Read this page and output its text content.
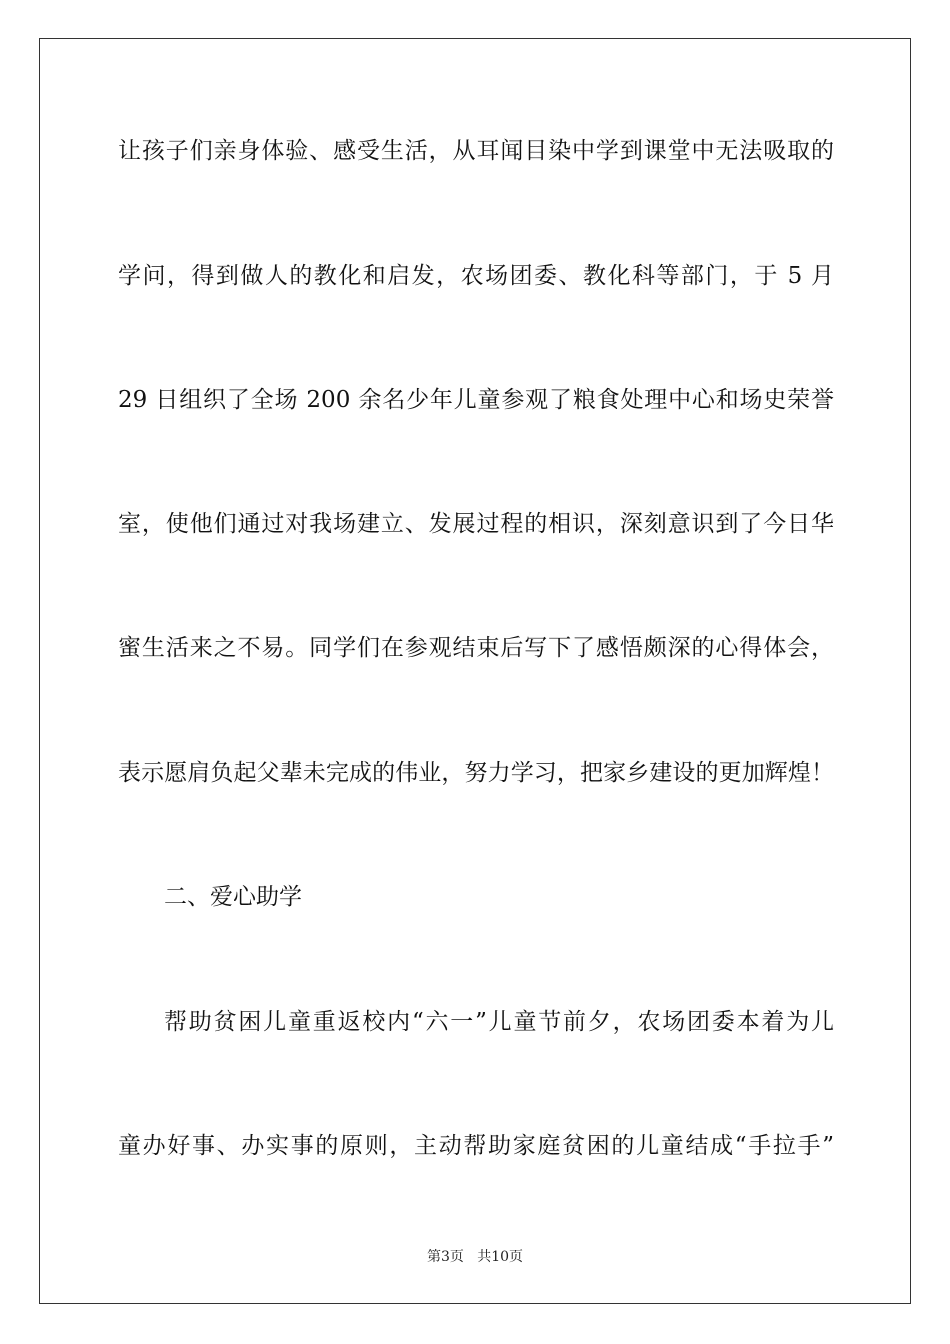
让孩子们亲身体验、感受生活，从耳闻目染中学到课堂中无法吸取的
学问，得到做人的教化和启发，农场团委、教化科等部门，于 5 月
29 日组织了全场 200 余名少年儿童参观了粮食处理中心和场史荣誉
室，使他们通过对我场建立、发展过程的相识，深刻意识到了今日华
蜜生活来之不易。同学们在参观结束后写下了感悟颇深的心得体会，
表示愿肩负起父辈未完成的伟业，努力学习，把家乡建设的更加辉煌！
二、爱心助学
帮助贫困儿童重返校内“六一”儿童节前夕，农场团委本着为儿
童办好事、办实事的原则，主动帮助家庭贫困的儿童结成“手拉手”
第3页 共10页
